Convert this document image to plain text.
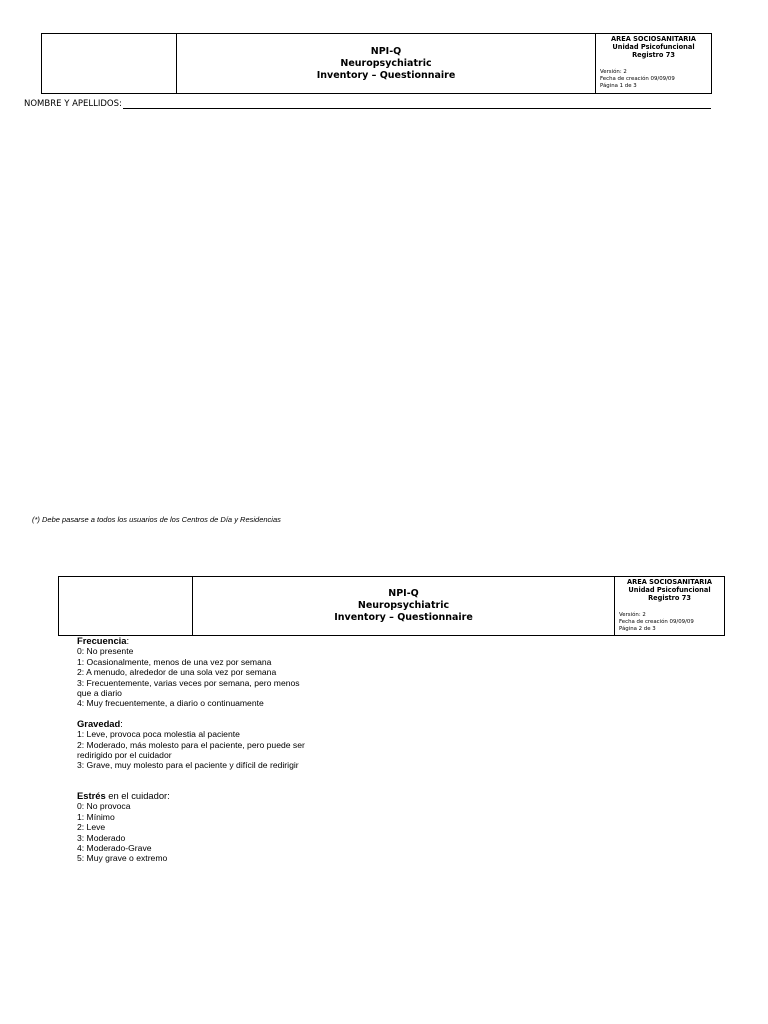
NPI-Q
Neuropsychiatric
Inventory – Questionnaire
AREA SOCIOSANITARIA
Unidad Psicofuncional
Registro 73
Versión: 2
Fecha de creación 09/09/09
Página 1 de 3
NOMBRE Y APELLIDOS:
(*) Debe pasarse a todos los usuarios de los Centros de Día y Residencias
NPI-Q
Neuropsychiatric
Inventory – Questionnaire
AREA SOCIOSANITARIA
Unidad Psicofuncional
Registro 73
Versión: 2
Fecha de creación 09/09/09
Página 2 de 3
Frecuencia:
0: No presente
1: Ocasionalmente, menos de una vez por semana
2: A menudo, alrededor de una sola vez por semana
3: Frecuentemente, varias veces por semana, pero menos que a diario
4: Muy frecuentemente, a diario o continuamente
Gravedad:
1: Leve, provoca poca molestia al paciente
2: Moderado, más molesto para el paciente, pero puede ser redirigido por el cuidador
3: Grave, muy molesto para el paciente y difícil de redirigir
Estrés en el cuidador:
0: No provoca
1: Mínimo
2: Leve
3: Moderado
4: Moderado-Grave
5: Muy grave o extremo
